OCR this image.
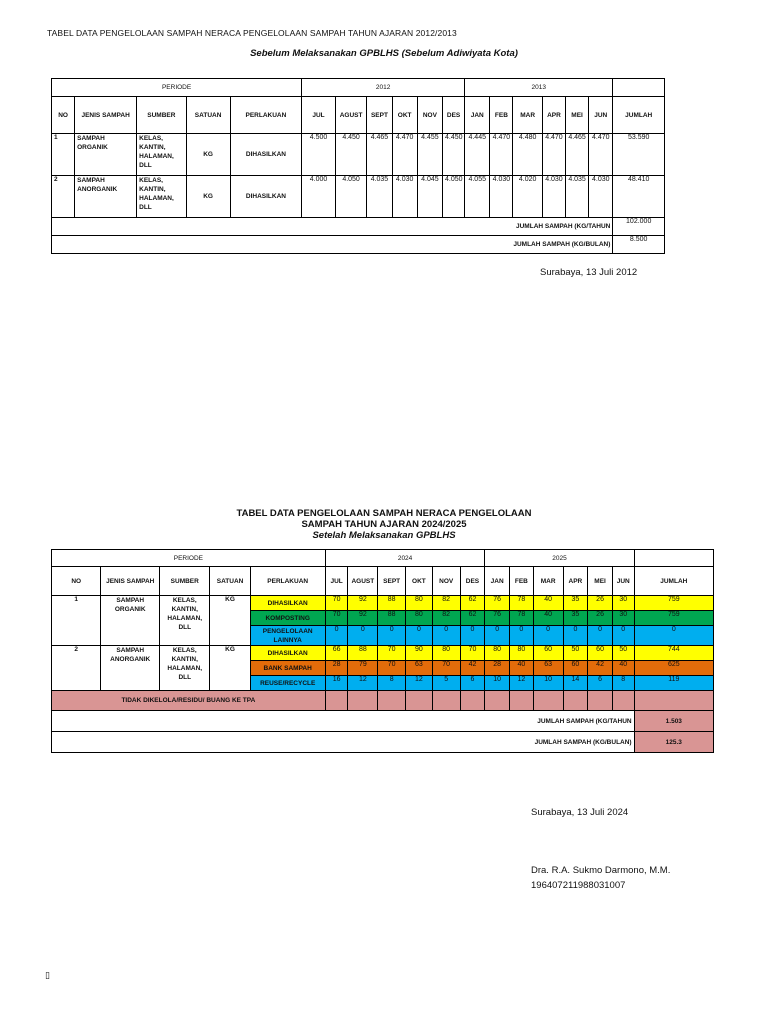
TABEL DATA PENGELOLAAN SAMPAH NERACA PENGELOLAAN SAMPAH TAHUN AJARAN 2012/2013
Sebelum Melaksanakan GPBLHS (Sebelum Adiwiyata Kota)
PERIODE					2012						2013						
NO	JENIS SAMPAH	SUMBER	SATUAN	PERLAKUAN	JUL	AGUST	SEPT	OKT	NOV	DES	JAN	FEB	MAR	APR	MEI	JUN	JUMLAH
1	SAMPAH ORGANIK	KELAS, KANTIN, HALAMAN, DLL	KG	DIHASILKAN	4.500	4.450	4.465	4.470	4.455	4.450	4.445	4.470	4.480	4.470	4.465	4.470	53.590
2	SAMPAH ANORGANIK	KELAS, KANTIN, HALAMAN, DLL	KG	DIHASILKAN	4.000	4.050	4.035	4.030	4.045	4.050	4.055	4.030	4.020	4.030	4.035	4.030	48.410
JUMLAH SAMPAH (KG/TAHUN																	102.000
JUMLAH SAMPAH (KG/BULAN)																	8.500
Surabaya, 13 Juli 2012
TABEL DATA PENGELOLAAN SAMPAH NERACA PENGELOLAAN
SAMPAH TAHUN AJARAN 2024/2025
Setelah Melaksanakan GPBLHS
PERIODE					2024						2025						
NO	JENIS SAMPAH	SUMBER	SATUAN	PERLAKUAN	JUL	AGUST	SEPT	OKT	NOV	DES	JAN	FEB	MAR	APR	MEI	JUN	JUMLAH
1	SAMPAH ORGANIK	KELAS, KANTIN, HALAMAN, DLL	KG	DIHASILKAN	70	92	88	80	82	62	76	78	40	35	26	30	759
				KOMPOSTING	70	92	88	80	82	62	76	78	40	35	26	30	759
				PENGELOLAAN LAINNYA	0	0	0	0	0	0	0	0	0	0	0	0	0
2	SAMPAH ANORGANIK	KELAS, KANTIN, HALAMAN, DLL	KG	DIHASILKAN	66	88	70	90	80	70	80	80	60	50	60	50	744
				BANK SAMPAH	28	79	70	63	70	42	28	40	63	60	42	40	625
				REUSE/RECYCLE	16	12	8	12	5	6	10	12	10	14	6	8	119
TIDAK DIKELOLA/RESIDU/ BUANG KE TPA																	
JUMLAH SAMPAH (KG/TAHUN																	1.503
JUMLAH SAMPAH (KG/BULAN)																	125.3
Surabaya, 13 Juli 2024
Dra. R.A. Sukmo Darmono, M.M.
196407211988031007
▯
